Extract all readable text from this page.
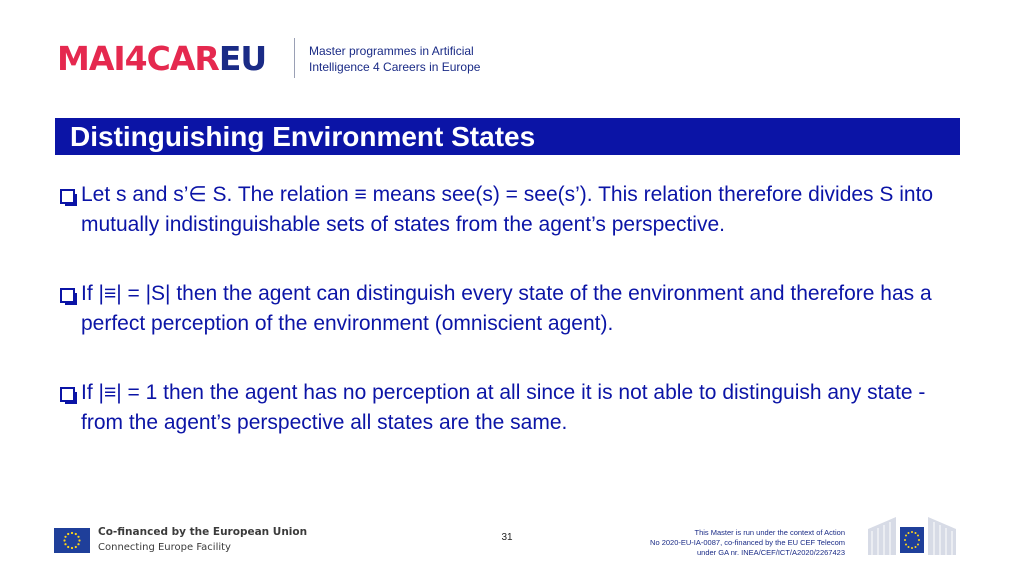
MAI4CAREU	Master programmes in Artificial
Intelligence 4 Careers in Europe
Distinguishing Environment States
Let s and s’∈ S. The relation ≡ means see(s) = see(s’). This relation therefore divides S into mutually indistinguishable sets of states from the agent’s perspective.
If |≡| = |S| then the agent can distinguish every state of the environment and therefore has a perfect perception of the environment (omniscient agent).
If |≡| = 1 then the agent has no perception at all since it is not able to distinguish any state - from the agent’s perspective all states are the same.
Co-financed by the European Union
Connecting Europe Facility
31	This Master is run under the context of Action
No 2020-EU-IA-0087, co-financed by the EU CEF Telecom
under GA nr. INEA/CEF/ICT/A2020/2267423
